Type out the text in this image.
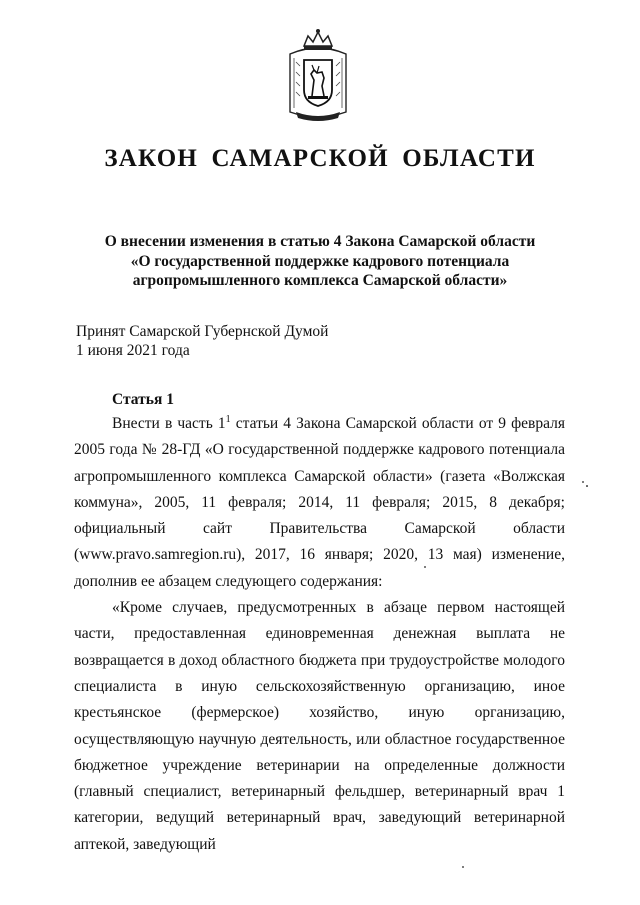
ЗАКОН САМАРСКОЙ ОБЛАСТИ
О внесении изменения в статью 4 Закона Самарской области
«О государственной поддержке кадрового потенциала
агропромышленного комплекса Самарской области»
Принят Самарской Губернской Думой
1 июня 2021 года
Статья 1

Внести в часть $1^1$ статьи 4 Закона Самарской области от 9 февраля 2005 года № 28-ГД «О государственной поддержке кадрового потенциала агропромышленного комплекса Самарской области» (газета «Волжская коммуна», 2005, 11 февраля; 2014, 11 февраля; 2015, 8 декабря; официальный сайт Правительства Самарской области (www.pravo.samregion.ru), 2017, 16 января; 2020, 13 мая) изменение, дополнив ее абзацем следующего содержания:

«Кроме случаев, предусмотренных в абзаце первом настоящей части, предоставленная единовременная денежная выплата не возвращается в доход областного бюджета при трудоустройстве молодого специалиста в иную сельскохозяйственную организацию, иное крестьянское (фермерское) хозяйство, иную организацию, осуществляющую научную деятельность, или областное государственное бюджетное учреждение ветеринарии на определенные должности (главный специалист, ветеринарный фельдшер, ветеринарный врач 1 категории, ведущий ветеринарный врач, заведующий ветеринарной аптекой, заведующий
